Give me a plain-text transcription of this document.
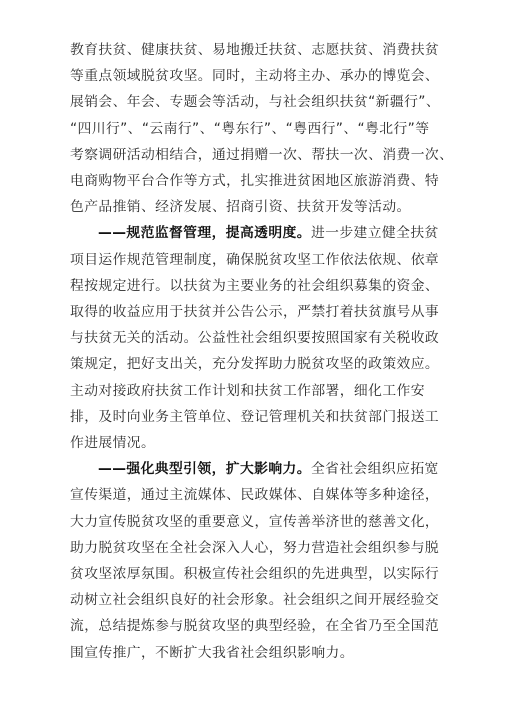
教育扶贫、健康扶贫、易地搬迁扶贫、志愿扶贫、消费扶贫
等重点领域脱贫攻坚。同时，主动将主办、承办的博览会、
展销会、年会、专题会等活动，与社会组织扶贫“新疆行”、
“四川行”、“云南行”、“粤东行”、“粤西行”、“粤北行”等
考察调研活动相结合，通过捐赠一次、帮扶一次、消费一次、
电商购物平台合作等方式，扎实推进贫困地区旅游消费、特
色产品推销、经济发展、招商引资、扶贫开发等活动。

——规范监督管理，提高透明度。进一步建立健全扶贫
项目运作规范管理制度，确保脱贫攻坚工作依法依规、依章
程按规定进行。以扶贫为主要业务的社会组织募集的资金、
取得的收益应用于扶贫并公告公示，严禁打着扶贫旗号从事
与扶贫无关的活动。公益性社会组织要按照国家有关税收政
策规定，把好支出关，充分发挥助力脱贫攻坚的政策效应。
主动对接政府扶贫工作计划和扶贫工作部署，细化工作安
排，及时向业务主管单位、登记管理机关和扶贫部门报送工
作进展情况。

——强化典型引领，扩大影响力。全省社会组织应拓宽
宣传渠道，通过主流媒体、民政媒体、自媒体等多种途径，
大力宣传脱贫攻坚的重要意义，宣传善举济世的慈善文化，
助力脱贫攻坚在全社会深入人心，努力营造社会组织参与脱
贫攻坚浓厚氛围。积极宣传社会组织的先进典型，以实际行
动树立社会组织良好的社会形象。社会组织之间开展经验交
流，总结提炼参与脱贫攻坚的典型经验，在全省乃至全国范
围宣传推广，不断扩大我省社会组织影响力。
